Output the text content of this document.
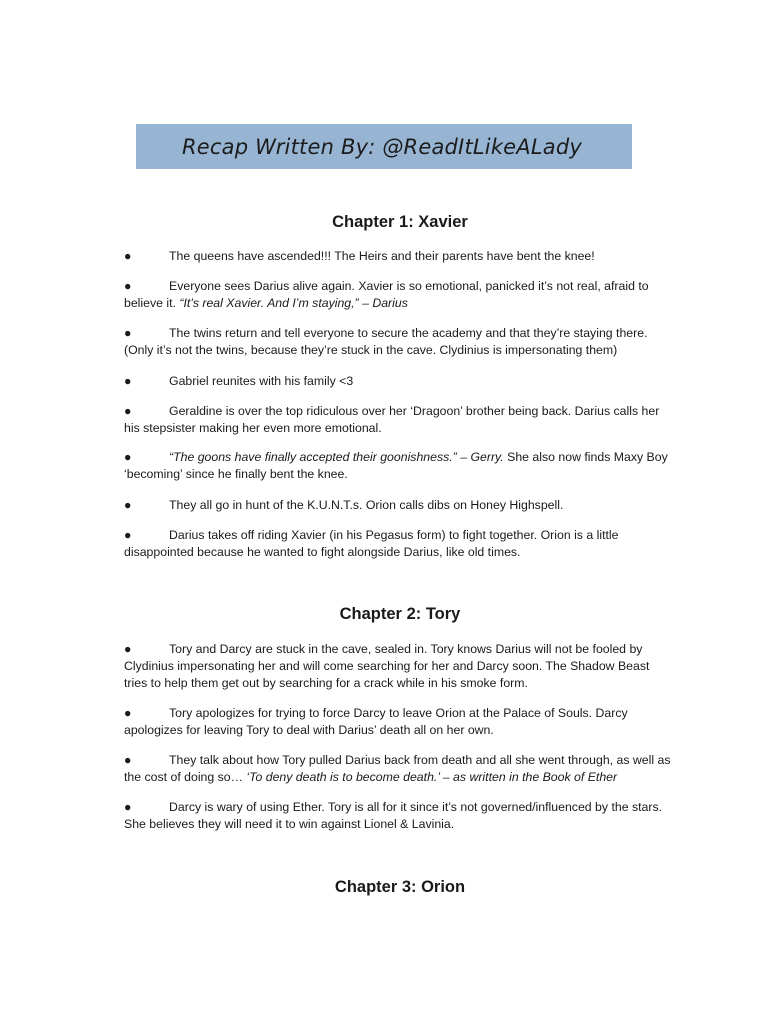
Recap Written By: @ReadItLikeALady
Chapter 1: Xavier
●	The queens have ascended!!! The Heirs and their parents have bent the knee!
●	Everyone sees Darius alive again. Xavier is so emotional, panicked it’s not real, afraid to believe it. “It’s real Xavier. And I’m staying,” – Darius
●	The twins return and tell everyone to secure the academy and that they’re staying there. (Only it’s not the twins, because they’re stuck in the cave. Clydinius is impersonating them)
●	Gabriel reunites with his family <3
●	Geraldine is over the top ridiculous over her ‘Dragoon’ brother being back. Darius calls her his stepsister making her even more emotional.
●	“The goons have finally accepted their goonishness.” – Gerry. She also now finds Maxy Boy ‘becoming’ since he finally bent the knee.
●	They all go in hunt of the K.U.N.T.s. Orion calls dibs on Honey Highspell.
●	Darius takes off riding Xavier (in his Pegasus form) to fight together. Orion is a little disappointed because he wanted to fight alongside Darius, like old times.
Chapter 2: Tory
●	Tory and Darcy are stuck in the cave, sealed in. Tory knows Darius will not be fooled by Clydinius impersonating her and will come searching for her and Darcy soon. The Shadow Beast tries to help them get out by searching for a crack while in his smoke form.
●	Tory apologizes for trying to force Darcy to leave Orion at the Palace of Souls. Darcy apologizes for leaving Tory to deal with Darius’ death all on her own.
●	They talk about how Tory pulled Darius back from death and all she went through, as well as the cost of doing so… ‘To deny death is to become death.’ – as written in the Book of Ether
●	Darcy is wary of using Ether. Tory is all for it since it’s not governed/influenced by the stars. She believes they will need it to win against Lionel & Lavinia.
Chapter 3: Orion
